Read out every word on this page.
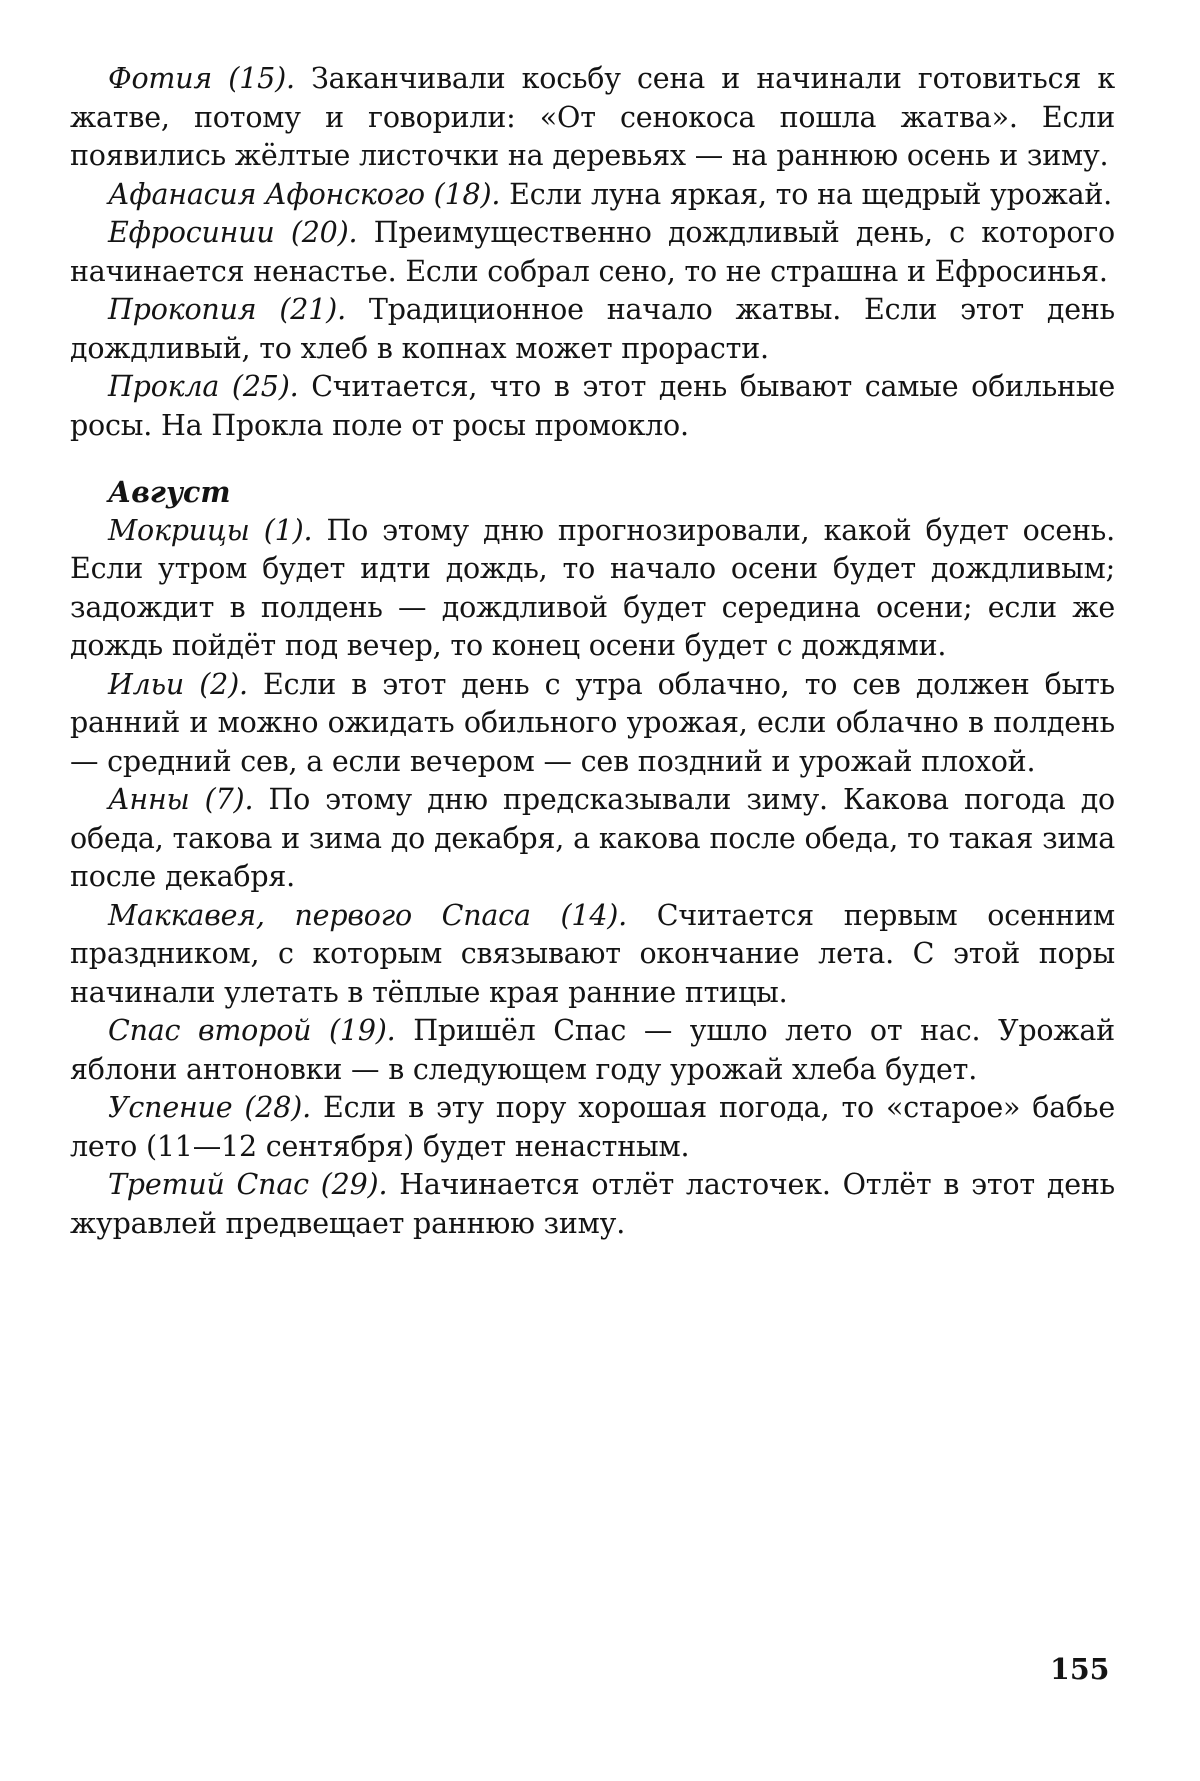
Фотия (15). Заканчивали косьбу сена и начинали готовиться к жатве, потому и говорили: «От сенокоса пошла жатва». Если появились жёлтые листочки на деревьях — на раннюю осень и зиму.

Афанасия Афонского (18). Если луна яркая, то на щедрый урожай.

Ефросинии (20). Преимущественно дождливый день, с которого начинается ненастье. Если собрал сено, то не страшна и Ефросинья.

Прокопия (21). Традиционное начало жатвы. Если этот день дождливый, то хлеб в копнах может прорасти.

Прокла (25). Считается, что в этот день бывают самые обильные росы. На Прокла поле от росы промокло.

Август

Мокрицы (1). По этому дню прогнозировали, какой будет осень. Если утром будет идти дождь, то начало осени будет дождливым; задождит в полдень — дождливой будет середина осени; если же дождь пойдёт под вечер, то конец осени будет с дождями.

Ильи (2). Если в этот день с утра облачно, то сев должен быть ранний и можно ожидать обильного урожая, если облачно в полдень — средний сев, а если вечером — сев поздний и урожай плохой.

Анны (7). По этому дню предсказывали зиму. Какова погода до обеда, такова и зима до декабря, а какова после обеда, то такая зима после декабря.

Маккавея, первого Спаса (14). Считается первым осенним праздником, с которым связывают окончание лета. С этой поры начинали улетать в тёплые края ранние птицы.

Спас второй (19). Пришёл Спас — ушло лето от нас. Урожай яблони антоновки — в следующем году урожай хлеба будет.

Успение (28). Если в эту пору хорошая погода, то «старое» бабье лето (11—12 сентября) будет ненастным.

Третий Спас (29). Начинается отлёт ласточек. Отлёт в этот день журавлей предвещает раннюю зиму.

155
